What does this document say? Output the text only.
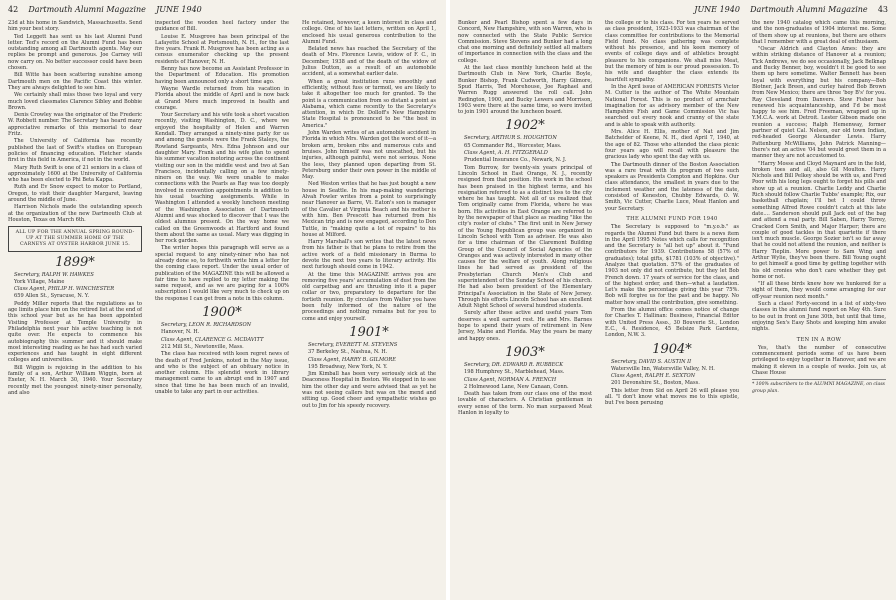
42 Dartmouth Alumni Magazine JUNE 1940

23d at his home in Sandwich, Massachusetts. Send him your best story.

Ted Leggett has sent us his last Alumni Fund letter. Ted's record on the Alumni Fund has been outstanding among all Dartmouth agents. May our replies be prompt and generous. Joe Carney will now carry on. No better successor could have been chosen.

Bill Witte has been scattering sunshine among Dartmouth men on the Pacific Coast this winter. They are always delighted to see him.

We certainly shall miss those two loyal and very much loved classmates Clarence Sibley and Bobbie Brown.

Denis Crowley was the originator of the Frederic W. Robbett number. The Secretary has heard many appreciative remarks of this memorial to dear Fritz.

The University of California has recently published the last of Swift's studies on European policies of financing education. Fletcher stands first in this field in America, if not in the world.

Mary Ruth Swift is one of 21 seniors in a class of approximately 1600 at the University of California who has been elected to Phi Beta Kappa.

Ruth and Ev Snow expect to motor to Portland, Oregon, to visit their daughter Margaret, leaving around the middle of June.

Harrison Nichols made the outstanding speech at the organization of the new Dartmouth Club at Houston, Texas on March 6th.

ALL UP FOR THE ANNUAL SPRING ROUND-UP AT THE SUMMER HOME OF THE CARNEYS AT OYSTER HARBOR JUNE 15.
1899*

Secretary, RALPH W. HAWKES

York Village, Maine

Class Agent, PHILIP H. WINCHESTER

659 Allen St., Syracuse, N. Y.

Peddy Miller reports that the regulations as to age limits place him on the retired list at the end of this school year but as he has been appointed Visiting Professor at Temple University in Philadelphia next year his active teaching is not quite over. He expects to commence his autobiography this summer and it should make most interesting reading as he has had such varied experiences and has taught in eight different colleges and universities.

Bill Wiggin is rejoicing in the addition to his family of a son, Arthur William Wiggin, born at Exeter, N. H. March 30, 1940. Your Secretary recently met the youngest ninety-niner personally, and also

inspected the wooden heel factory under the guidance of Bill.

Louise E. Musgrove has been principal of the Lafayette School at Portsmouth, N. H., for the last five years. Frank R. Musgrove has been acting as a census enumerator checking up the present residents of Hanover, N. H.

Benny has now become an Assistant Professor in the Department of Education. His promotion having been announced only a short time ago.

Wayne Wardle returned from his vacation in Florida about the middle of April and is now back at Grand Mere much improved in health and courage.

Your Secretary and his wife took a short vacation recently, visiting Washington, D. C., where we enjoyed the hospitality of Helen and Warren Kendall. They arranged a ninety-nine party for us and among the guests were the Frank Staleys, the Rowland Sargeants, Mrs. Edna Johnson and our daughter Mary. Frank and his wife plan to spend his summer vacation motoring across the continent visiting our son in the middle west and two at San Francisco, incidentally calling on a few ninety-niners on the way. We were unable to make connections with the Pearls as Ray was too deeply involved in convention appointments in addition to his usual teaching assignments. While in Washington I attended a weekly luncheon meeting of the Washington Association of Dartmouth Alumni and was shocked to discover that I was the oldest alumnus present. On the way home we called on the Greenwoods at Hartford and found them about the same as usual. Mary was digging in her rock garden.

The writer hopes this paragraph will serve as a special request to any ninety-niner who has not already done so, to forthwith write him a letter for the coming class report. Under the usual order of publication of the MAGAZINE this will be allowed a fair time to have replied to my letter making the same request, and as we are paying for a 100% subscription I would like very much to check up on the response I can get from a note in this column.

1900*

Secretary, LEON R. RICHARDSON

Hanover, N. H.

Class Agent, CLARENCE G. MCDAVITT

212 Mill St., Newtonville, Mass.

The class has received with keen regret news of the death of Fred Jenkins, noted in the May issue, and who is the subject of an obituary notice in another column. His splendid work in library management came to an abrupt end in 1907 and since that time he has been much of an invalid, unable to take any part in our activities.

He retained, however, a keen interest in class and college. One of his last letters, written on April 1, enclosed his usual generous contribution to the Alumni Fund.

Belated news has reached the Secretary of the death of Mrs. Florence Lewis, widow of F. C., in December, 1938 and of the death of the widow of Julius Dutton, as a result of an automobile accident, at a somewhat earlier date.

When a great institution runs smoothly and efficiently, without fuss or turmoil, we are likely to take it altogether too much for granted. To the point is a communication from so distant a point as Alabama, which came recently to the Secretary's attention, in which Dr. Dolloff's New Hampshire State Hospital is pronounced to be "the best in America."

John Warden writes of an automobile accident in Florida in which Mrs. Warden got the worst of it—a broken arm, broken ribs and numerous cuts and bruises. John himself was not unscathed, but his injuries, although painful, were not serious. None the less, they planned upon departing from St. Petersburg under their own power in the middle of May.

Ned Weston writes that he has just bought a new house in Seattle. In his map-making wanderings Alvah Fowler writes from a point to surprisingly near Hanover as Barre, Vt. Eaton's son is manager of the Cavalier at Virginia Beach and his mother is with him. Ben Prescott has returned from his Mexican trip and is now engaged, according to Don Tuttle, in "making quite a lot of repairs" to his house at Milford.

Harry Marshall's son writes that the latest news from his father is that he plans to retire from the active work of a field missionary in Burma to devote the next two years to literary activity. His next furlough should come in 1942.

At the time this MAGAZINE arrives you are removing five years' accumulation of dust from the old carpetbag and are thrusting into it a paper collar or two, preparatory to departure for the fortieth reunion. By circulars from Walter you have been fully informed of the nature of the proceedings and nothing remains but for you to come and enjoy yourself.

1901*

Secretary, EVERETT M. STEVENS

37 Berkeley St., Nashua, N. H.

Class Agent, HARRY B. GILMORE

195 Broadway, New York, N. Y.

Jim Kimball has been very seriously sick at the Deaconess Hospital in Boston. We stopped in to see him the other day and were advised that as yet he was not seeing callers but was on the mend and sitting up. Good cheer and sympathetic wishes go out to Jim for his speedy recovery.

JUNE 1940 Dartmouth Alumni Magazine 43

Bunker and Pearl Bishop spent a few days in Concord, New Hampshire, with son Warren, who is now connected with the State Public Service Commission. Steve Stevens and Bunker had a long chat one morning and definitely settled all matters of importance in connection with the class and the college.

At the last class monthly luncheon held at the Dartmouth Club in New York, Charlie Boyle, Bunker Bishop, Frank Cudworth, Harry Gilmore, Spud Harris, Ted Morehouse, Joe Raphael and Warren Rugg answered the roll call. John Redington, 1900, and Bucky Lewers and Morrison, 1903 were there at the same time, so were invited to join 1901 around the luncheon board.

1902*

Secretary, ARTHUR S. HOUGHTON

65 Commander Rd., Worcester, Mass.

Class Agent, A. H. FITZGERALD

Prudential Insurance Co., Newark, N. J.

Tom Burrow, for twenty-six years principal of Lincoln School in East Orange, N. J., recently resigned from that position. His work in the school has been praised in the highest terms, and his resignation referred to as a distinct loss to the city where he has taught. Not all of us realized that Tom originally came from Florida, where he was born. His activities in East Orange are referred to by the newspaper of that place as reading "like the city's roster of clubs." The first unit in New Jersey of the Young Republican group was organized in Lincoln School with Tom as adviser. He was also for a time chairman of the Claremont Building Group of the Council of Social Agencies of the Oranges and was actively interested in many other causes for the welfare of youth. Along religious lines he had served as president of the Presbyterian Church Men's Club and superintendent of the Sunday School of his church. He had also been president of the Elementary Principal's Association in the State of New Jersey. Through his efforts Lincoln School has an excellent Adult Night School of several hundred students.

Surely after these active and useful years Tom deserves a well earned rest. He and Mrs. Barnes hope to spend their years of retirement in New Jersey, Maine and Florida. May the years be many and happy ones.

1903*

Secretary, DR. EDWARD R. RUBBECK

198 Humphrey St., Marblehead, Mass.

Class Agent, NORMAN A. FRENCH

2 Holmewood Lane, New Canaan, Conn.

Death has taken from our class one of the most lovable of characters. A Christian gentleman in every sense of the term. No man surpassed Meat Hanlon in loyalty to

the college or to his class. For ten years he served as class president, 1923-1933 was chairman of the class committee for contributions to the Memorial Field fund. No class gathering was complete without his presence, and his keen memory of events of college days and of athletics brought pleasure to his companions. We shall miss Meat, but the memory of him is our proud possession. To his wife and daughter the class extends its heartfelt sympathy.

In the April issue of AMERICAN FORESTS Victor M. Cutter is the author of The White Mountain National Forest. This is no product of armchair imagination for as advisory member of the New Hampshire Fish and Game Commission Vic has searched out every nook and cranny of the state and is able to speak with authority.

Mrs. Alice H. Ellis, mother of Nat and Jim Batchelder of Keene, N. H., died April 7, 1940, at the age of 82. Those who attended the class picnic four years ago will recall with pleasure the gracious lady who spent the day with us.

The Dartmouth dinner of the Boston Association was a rare treat with its program of two such speakers as Presidents Compton and Hopkins. Our class attendance, the smallest in years due to the inclement weather and the lateness of the date, consisted of Keneston, Chubby Edwards, O. W. Smith, Vic Cutter, Charlie Luce, Meat Hanlon and your Secretary.

THE ALUMNI FUND FOR 1940

The Secretary is supposed to "m.y.o.b." as regards the Alumni Fund but there is a news item in the April 1995 Notes which calls for recognition and the Secretary is "all het up" about it. "Fund contributors for 1939. Contributions 58 (57% of graduates); total gifts, $1781 (103% of objective)." Analyze that quotation. 57% of the graduates of 1903 not only did not contribute, but they let Bob French down. 17 years of service for the class, and of the highest order, and then—what a laudation. Let's make the percentage giving this year 75%. Bob will forgive us for the past and be happy. No matter how small the contribution, give something.

From the alumni office comes notice of change for Charles T. Hallinan: Business, Financial Editor with United Press Asso., 30 Bouverie St., London E.C., 4. Residence, 45 Belsize Park Gardens, London, N.W. 3.

1904*

Secretary, DAVID S. AUSTIN II

Watersville Inn, Watersville Valley, N. H.

Class Agent, RALPH E. SEXTON

201 Devonshire St., Boston, Mass.

This letter from Sid on April 26 will please you all. "I don't know what moves me to this epistle, but I've been perusing

the new 1940 catalog which came this morning, and the non-graduates of 1904 interest me. Some of them show up at reunions, but there are others that I remember with a great deal of enthusiasm.

"Oscar Aldrich and Clayton Ames: they are within striking distance of Hanover at a reunion; Tick Andrews, we do see occasionally, Jack Belknap and Bucky Benner, boy, wouldn't it be good to see them up here sometime. Walter Bennett has been loyal with everything but his company—Bob Blotner, Jack Breen, and curley haired Bob Brown from New Mexico; there are three 'boy B's' for you. Ray Cleveland from Danvers. Stew Fisher has renewed his acquaintanceship, and I'd be most happy to see him. Fred Freeman, wrapped up in Y.M.C.A. work at Detroit. Lester Gibson made one reunion a success; Ralph Hemenway, former partner of quiet Cal. Nelson, our old town Indian, red-headed George Alexander Lewis. Harry Pattenburg McWilliams, John Patrick Manning—there's not an active '04 but would greet them in a manner they are not accustomed to.

"Harry Mosse and Cloyd Maynard are in the fold, broken toes and all, also Gil Moulton. Harry Nichols and Bill Pelkey should be with us, and Fred Poor with his long legs ought to forget his pills and show up at a reunion. Charlie Leddy and Charlie Rich should follow Charlie Tubbs' example; Rix, our basketball chaplain; I'll bet I could throw something Alfred Rowe couldn't catch at this late date.... Sanderson should pull Jack out of the bag and attend a real party. Bill Saben, Harry Torrey, Cracked Corn Smith, and Major Harper; there are couple of good tackles in that quartette if there isn't much muscle. George Sozier isn't so far away that he could not attend the reunion, and neither is Harry Tieplin. More power to Sam Wing and Arthur Wylie, they've been there. Bill Young ought to get himself a good time by getting together with his old cronies who don't care whether they get home or not.

"If all these birds knew how we hunkered for a sight of them, they would come arranging for our off-year reunion next month."

Such a class! Forty-second in a list of sixty-two classes in the alumni fund report on May 4th. Sure to be out in front on June 30th, but until that time, enjoying Sex's Easy Shots and keeping him awake nights.

TEN IN A ROW

Yes, that's the number of consecutive commencement periods some of us have been privileged to enjoy together in Hanover, and we are making it eleven in a couple of weeks. Join us, at Chase House

* 100% subscribers to the ALUMNI MAGAZINE, on class group plan.
